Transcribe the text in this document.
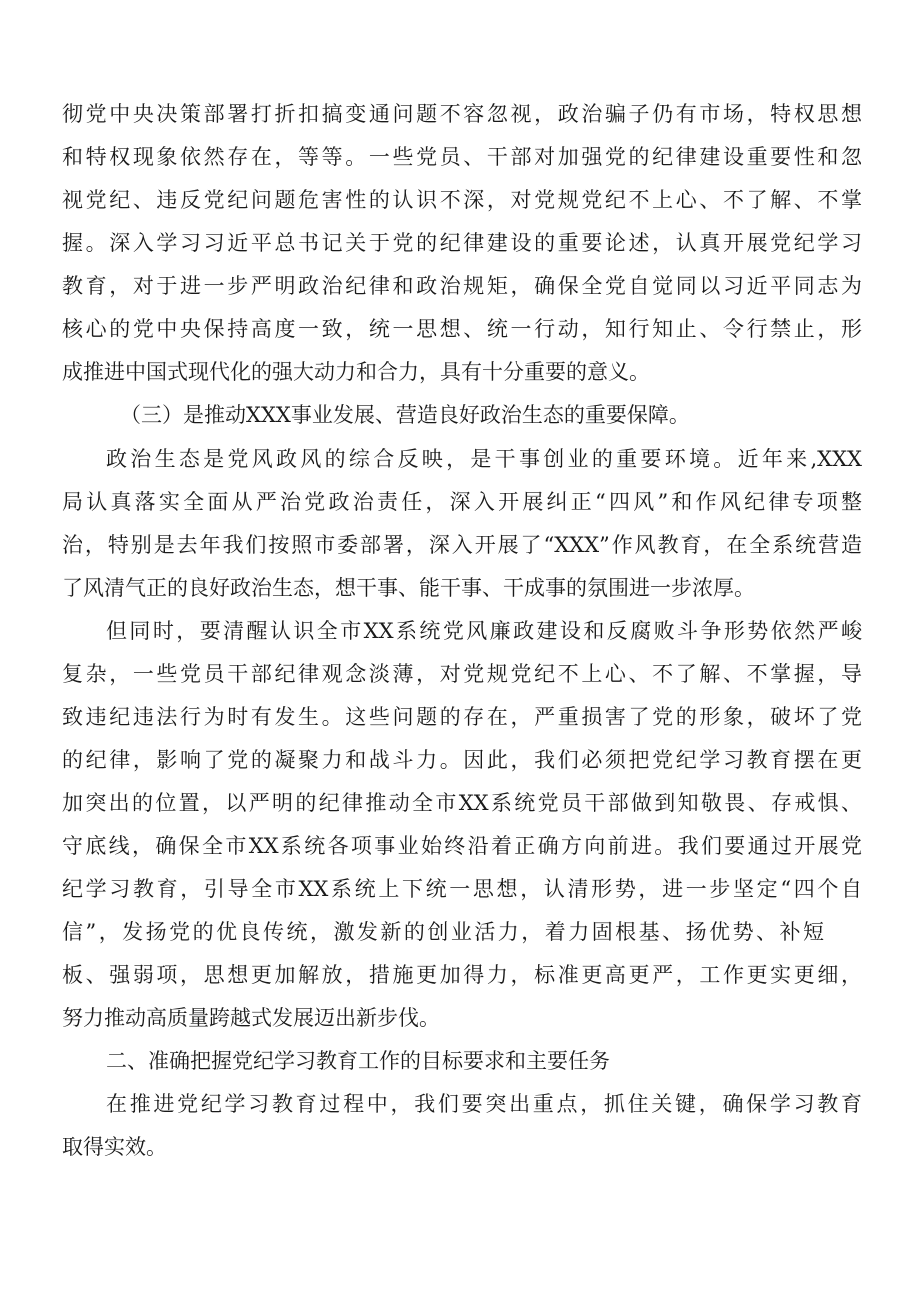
彻党中央决策部署打折扣搞变通问题不容忽视，政治骗子仍有市场，特权思想
和特权现象依然存在，等等。一些党员、干部对加强党的纪律建设重要性和忽
视党纪、违反党纪问题危害性的认识不深，对党规党纪不上心、不了解、不掌
握。深入学习习近平总书记关于党的纪律建设的重要论述，认真开展党纪学习
教育，对于进一步严明政治纪律和政治规矩，确保全党自觉同以习近平同志为
核心的党中央保持高度一致，统一思想、统一行动，知行知止、令行禁止，形
成推进中国式现代化的强大动力和合力，具有十分重要的意义。
（三）是推动XXX事业发展、营造良好政治生态的重要保障。
政治生态是党风政风的综合反映，是干事创业的重要环境。近年来,XXX
局认真落实全面从严治党政治责任，深入开展纠正“四风”和作风纪律专项整
治，特别是去年我们按照市委部署，深入开展了“XXX”作风教育，在全系统营造
了风清气正的良好政治生态，想干事、能干事、干成事的氛围进一步浓厚。
但同时，要清醒认识全市XX系统党风廉政建设和反腐败斗争形势依然严峻
复杂，一些党员干部纪律观念淡薄，对党规党纪不上心、不了解、不掌握，导
致违纪违法行为时有发生。这些问题的存在，严重损害了党的形象，破坏了党
的纪律，影响了党的凝聚力和战斗力。因此，我们必须把党纪学习教育摆在更
加突出的位置，以严明的纪律推动全市XX系统党员干部做到知敬畏、存戒惧、
守底线，确保全市XX系统各项事业始终沿着正确方向前进。我们要通过开展党
纪学习教育，引导全市XX系统上下统一思想，认清形势，进一步坚定“四个自
信”，发扬党的优良传统，激发新的创业活力，着力固根基、扬优势、补短
板、强弱项，思想更加解放，措施更加得力，标准更高更严，工作更实更细，
努力推动高质量跨越式发展迈出新步伐。
二、准确把握党纪学习教育工作的目标要求和主要任务
在推进党纪学习教育过程中，我们要突出重点，抓住关键，确保学习教育
取得实效。
